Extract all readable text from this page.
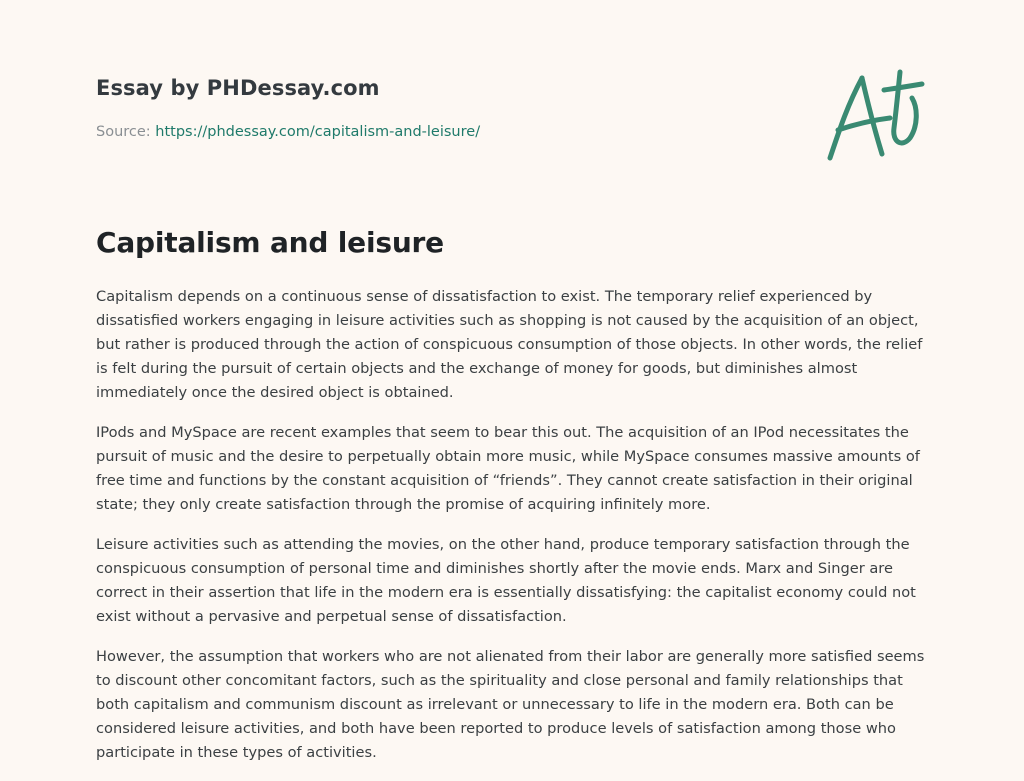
Essay by PHDessay.com
Source: https://phdessay.com/capitalism-and-leisure/
Capitalism and leisure

Capitalism depends on a continuous sense of dissatisfaction to exist. The temporary relief experienced by dissatisfied workers engaging in leisure activities such as shopping is not caused by the acquisition of an object, but rather is produced through the action of conspicuous consumption of those objects. In other words, the relief is felt during the pursuit of certain objects and the exchange of money for goods, but diminishes almost immediately once the desired object is obtained.

IPods and MySpace are recent examples that seem to bear this out. The acquisition of an IPod necessitates the pursuit of music and the desire to perpetually obtain more music, while MySpace consumes massive amounts of free time and functions by the constant acquisition of “friends”. They cannot create satisfaction in their original state; they only create satisfaction through the promise of acquiring infinitely more.

Leisure activities such as attending the movies, on the other hand, produce temporary satisfaction through the conspicuous consumption of personal time and diminishes shortly after the movie ends. Marx and Singer are correct in their assertion that life in the modern era is essentially dissatisfying: the capitalist economy could not exist without a pervasive and perpetual sense of dissatisfaction.

However, the assumption that workers who are not alienated from their labor are generally more satisfied seems to discount other concomitant factors, such as the spirituality and close personal and family relationships that both capitalism and communism discount as irrelevant or unnecessary to life in the modern era. Both can be considered leisure activities, and both have been reported to produce levels of satisfaction among those who participate in these types of activities.
